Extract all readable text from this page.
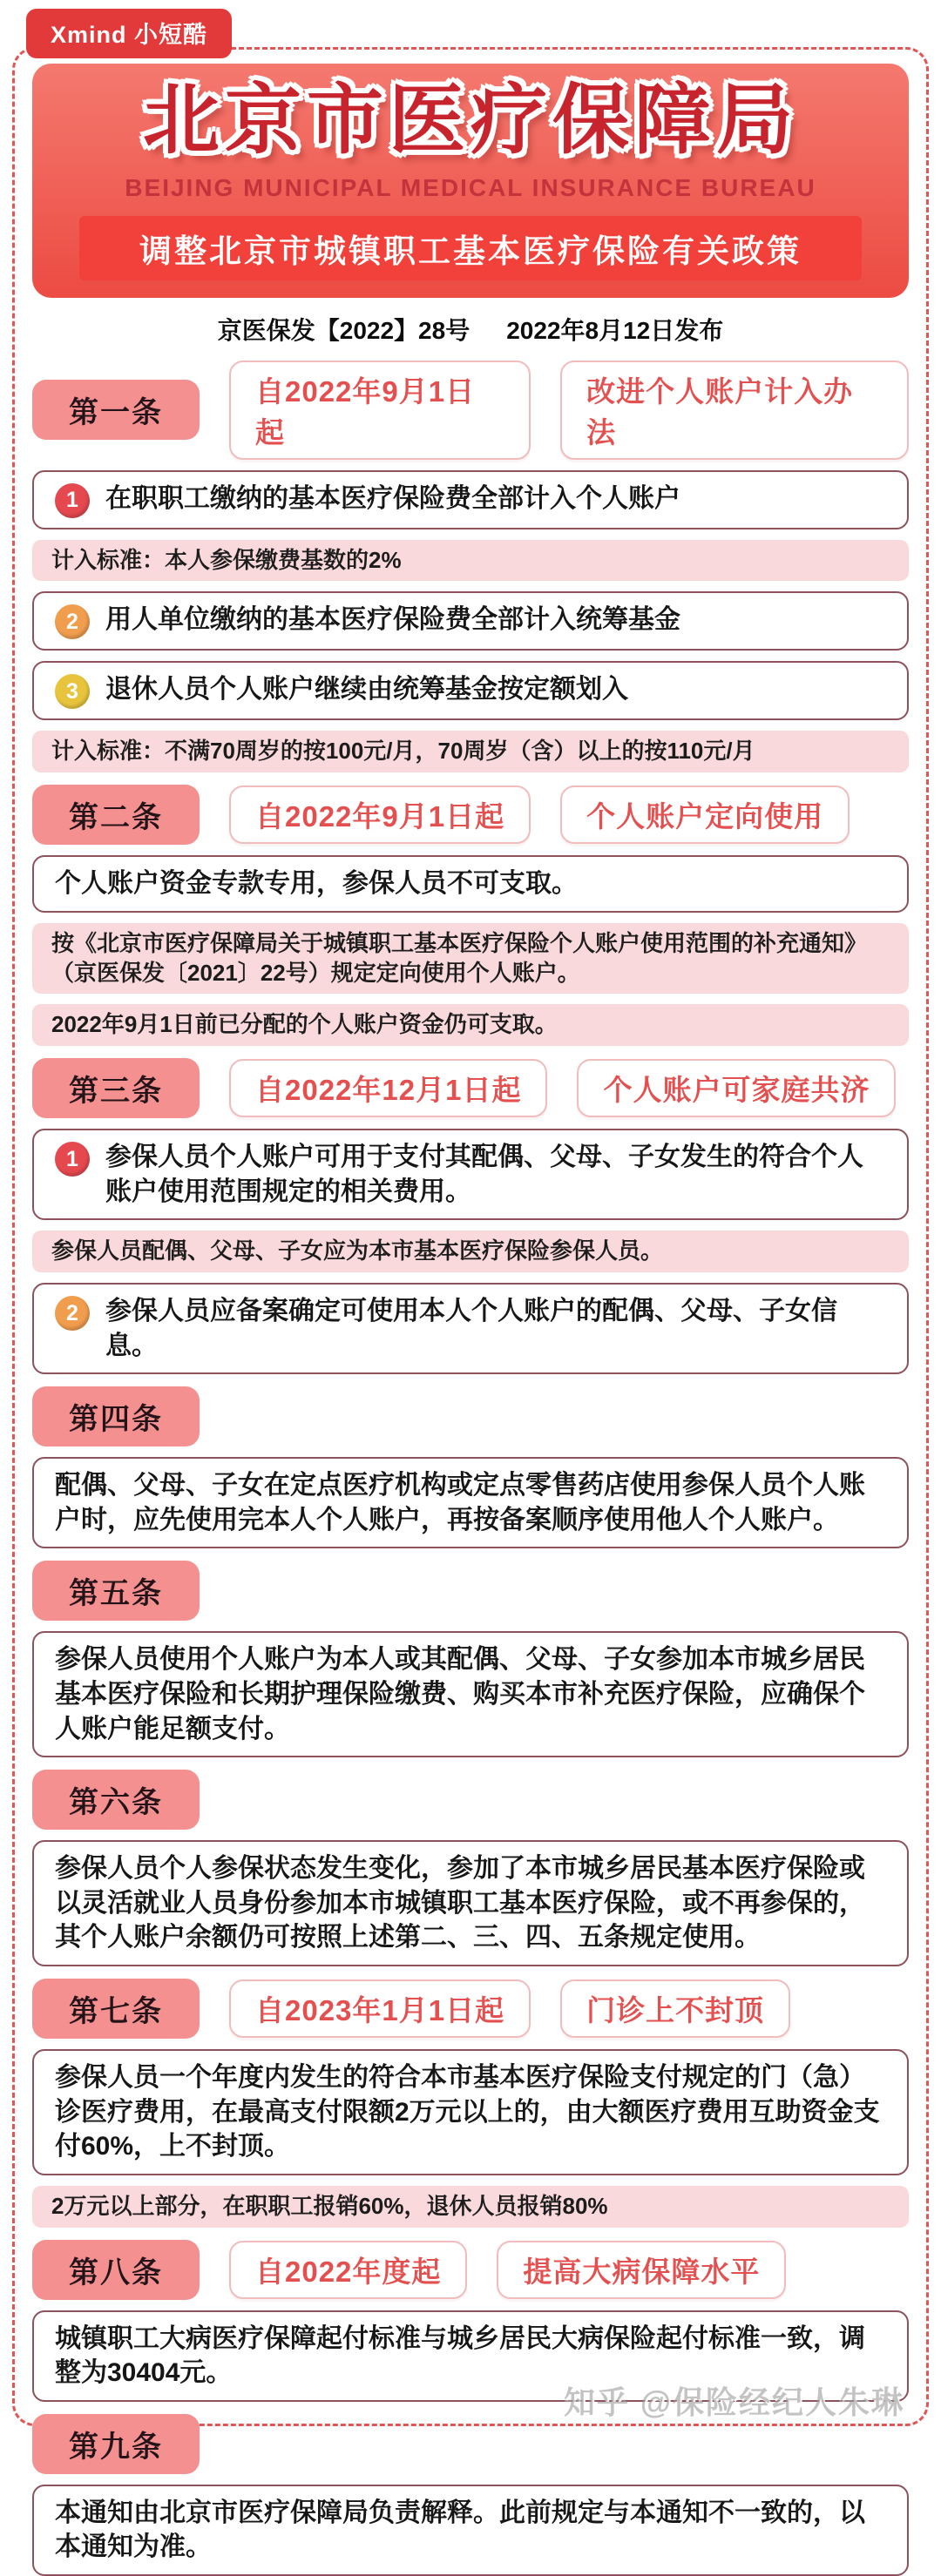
Xmind 小短酷
北京市医疗保障局
BEIJING MUNICIPAL MEDICAL INSURANCE BUREAU
调整北京市城镇职工基本医疗保险有关政策
京医保发【2022】28号 2022年8月12日发布
第一条
自2022年9月1日起
改进个人账户计入办法
1	在职职工缴纳的基本医疗保险费全部计入个人账户
计入标准：本人参保缴费基数的2%
2	用人单位缴纳的基本医疗保险费全部计入统筹基金
3	退休人员个人账户继续由统筹基金按定额划入
计入标准：不满70周岁的按100元/月，70周岁（含）以上的按110元/月
第二条	自2022年9月1日起	个人账户定向使用
个人账户资金专款专用，参保人员不可支取。
按《北京市医疗保障局关于城镇职工基本医疗保险个人账户使用范围的补充通知》（京医保发〔2021〕22号）规定定向使用个人账户。
2022年9月1日前已分配的个人账户资金仍可支取。
第三条	自2022年12月1日起	个人账户可家庭共济
1	参保人员个人账户可用于支付其配偶、父母、子女发生的符合个人账户使用范围规定的相关费用。
参保人员配偶、父母、子女应为本市基本医疗保险参保人员。
2	参保人员应备案确定可使用本人个人账户的配偶、父母、子女信息。
第四条
配偶、父母、子女在定点医疗机构或定点零售药店使用参保人员个人账户时，应先使用完本人个人账户，再按备案顺序使用他人个人账户。
第五条
参保人员使用个人账户为本人或其配偶、父母、子女参加本市城乡居民基本医疗保险和长期护理保险缴费、购买本市补充医疗保险，应确保个人账户能足额支付。
第六条
参保人员个人参保状态发生变化，参加了本市城乡居民基本医疗保险或以灵活就业人员身份参加本市城镇职工基本医疗保险，或不再参保的，其个人账户余额仍可按照上述第二、三、四、五条规定使用。
第七条	自2023年1月1日起	门诊上不封顶
参保人员一个年度内发生的符合本市基本医疗保险支付规定的门（急）诊医疗费用，在最高支付限额2万元以上的，由大额医疗费用互助资金支付60%，上不封顶。
2万元以上部分，在职职工报销60%，退休人员报销80%
第八条	自2022年度起	提高大病保障水平
城镇职工大病医疗保障起付标准与城乡居民大病保险起付标准一致，调整为30404元。
第九条
本通知由北京市医疗保障局负责解释。此前规定与本通知不一致的，以本通知为准。
知乎 @保险经纪人朱琳
